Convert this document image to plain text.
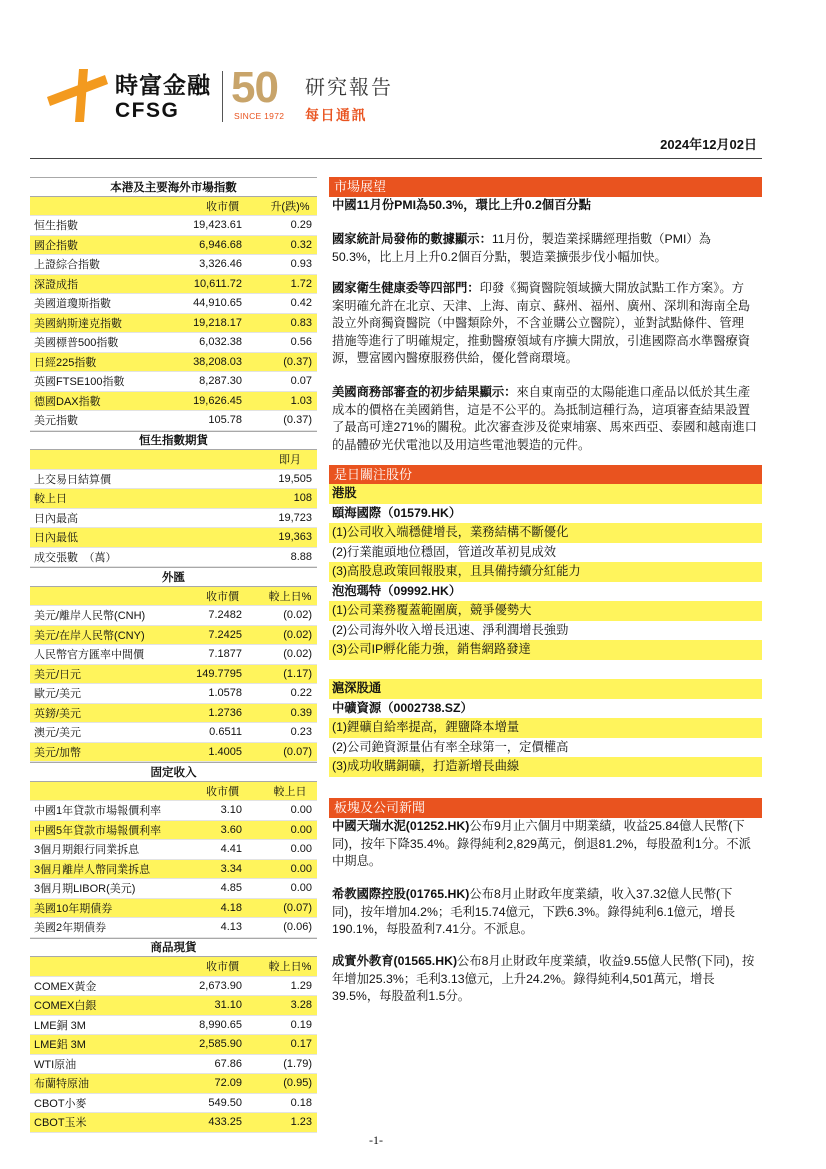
時富金融
CFSG 50
SINCE 1972
研究報告
每日通訊
2024年12月02日
本港及主要海外市場指數
收市價	升(跌)%
恒生指數	19,423.61	0.29
國企指數	6,946.68	0.32
上證綜合指數	3,326.46	0.93
深證成指	10,611.72	1.72
美國道瓊斯指數	44,910.65	0.42
美國納斯達克指數	19,218.17	0.83
美國標普500指數	6,032.38	0.56
日經225指數	38,208.03	(0.37)
英國FTSE100指數	8,287.30	0.07
德國DAX指數	19,626.45	1.03
美元指數	105.78	(0.37)
恒生指數期貨
即月
上交易日結算價	19,505
較上日	108
日內最高	19,723
日內最低	19,363
成交張數　（萬）	8.88
外匯
收市價	較上日%
美元/離岸人民幣(CNH)	7.2482	(0.02)
美元/在岸人民幣(CNY)	7.2425	(0.02)
人民幣官方匯率中間價	7.1877	(0.02)
美元/日元	149.7795	(1.17)
歐元/美元	1.0578	0.22
英鎊/美元	1.2736	0.39
澳元/美元	0.6511	0.23
美元/加幣	1.4005	(0.07)
固定收入
收市價	較上日
中國1年貸款市場報價利率	3.10	0.00
中國5年貸款市場報價利率	3.60	0.00
3個月期銀行同業拆息	4.41	0.00
3個月離岸人幣同業拆息	3.34	0.00
3個月期LIBOR(美元)	4.85	0.00
美國10年期債券	4.18	(0.07)
美國2年期債券	4.13	(0.06)
商品現貨
收市價	較上日%
COMEX黃金	2,673.90	1.29
COMEX白銀	31.10	3.28
LME銅 3M	8,990.65	0.19
LME鋁 3M	2,585.90	0.17
WTI原油	67.86	(1.79)
布蘭特原油	72.09	(0.95)
CBOT小麥	549.50	0.18
CBOT玉米	433.25	1.23
市場展望
中國11月份PMI為50.3%，環比上升0.2個百分點
國家統計局發佈的數據顯示：11月份，製造業採購經理指數（PMI）為
50.3%，比上月上升0.2個百分點，製造業擴張步伐小幅加快。
國家衛生健康委等四部門：印發《獨資醫院領域擴大開放試點工作方案》。方
案明確允許在北京、天津、上海、南京、蘇州、福州、廣州、深圳和海南全島
設立外商獨資醫院（中醫類除外，不含並購公立醫院），並對試點條件、管理
措施等進行了明確規定，推動醫療領域有序擴大開放，引進國際高水準醫療資
源，豐富國內醫療服務供給，優化營商環境。
美國商務部審查的初步結果顯示：來自東南亞的太陽能進口產品以低於其生產
成本的價格在美國銷售，這是不公平的。為抵制這種行為，這項審查結果設置
了最高可達271%的關稅。此次審查涉及從柬埔寨、馬來西亞、泰國和越南進口
的晶體矽光伏電池以及用這些電池製造的元件。
是日關注股份
港股
頤海國際（01579.HK）
(1)公司收入端穩健增長，業務結構不斷優化
(2)行業龍頭地位穩固，管道改革初見成效
(3)高股息政策回報股東，且具備持續分紅能力
泡泡瑪特（09992.HK）
(1)公司業務覆蓋範圍廣，競爭優勢大
(2)公司海外收入增長迅速、淨利潤增長強勁
(3)公司IP孵化能力強，銷售網路發達
滬深股通
中礦資源（0002738.SZ）
(1)鋰礦自給率提高，鋰鹽降本增量
(2)公司銫資源量佔有率全球第一，定價權高
(3)成功收購銅礦，打造新增長曲線
板塊及公司新聞
中國天瑞水泥(01252.HK)公布9月止六個月中期業績，收益25.84億人民幣(下
同)，按年下降35.4%。錄得純利2,829萬元，倒退81.2%，每股盈利1分。不派
中期息。
希教國際控股(01765.HK)公布8月止財政年度業績，收入37.32億人民幣(下
同)，按年增加4.2%；毛利15.74億元，下跌6.3%。錄得純利6.1億元，增長
190.1%，每股盈利7.41分。不派息。
成實外教育(01565.HK)公布8月止財政年度業績，收益9.55億人民幣(下同)，按
年增加25.3%；毛利3.13億元，上升24.2%。錄得純利4,501萬元，增長
39.5%，每股盈利1.5分。
-1-
